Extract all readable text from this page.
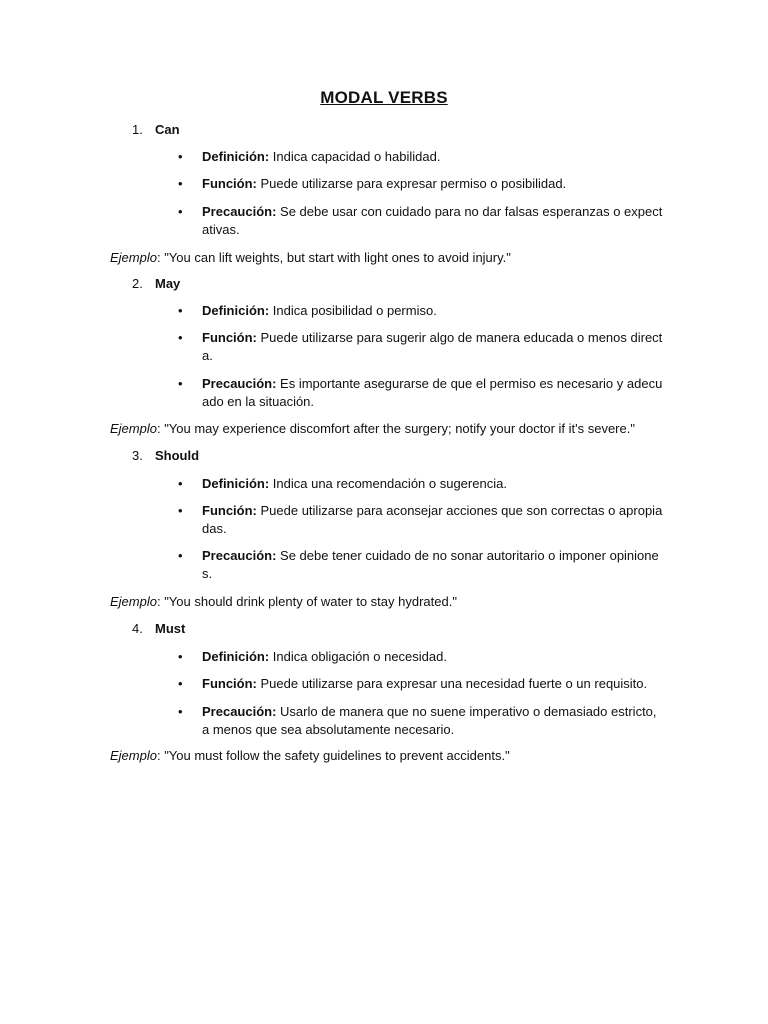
MODAL VERBS
1. Can
• Definición: Indica capacidad o habilidad.
• Función: Puede utilizarse para expresar permiso o posibilidad.
• Precaución: Se debe usar con cuidado para no dar falsas esperanzas o expectativas.
Ejemplo: "You can lift weights, but start with light ones to avoid injury."
2. May
• Definición: Indica posibilidad o permiso.
• Función: Puede utilizarse para sugerir algo de manera educada o menos directa.
• Precaución: Es importante asegurarse de que el permiso es necesario y adecuado en la situación.
Ejemplo: "You may experience discomfort after the surgery; notify your doctor if it's severe."
3. Should
• Definición: Indica una recomendación o sugerencia.
• Función: Puede utilizarse para aconsejar acciones que son correctas o apropiadas.
• Precaución: Se debe tener cuidado de no sonar autoritario o imponer opiniones.
Ejemplo: "You should drink plenty of water to stay hydrated."
4. Must
• Definición: Indica obligación o necesidad.
• Función: Puede utilizarse para expresar una necesidad fuerte o un requisito.
• Precaución: Usarlo de manera que no suene imperativo o demasiado estricto, a menos que sea absolutamente necesario.
Ejemplo: "You must follow the safety guidelines to prevent accidents."
